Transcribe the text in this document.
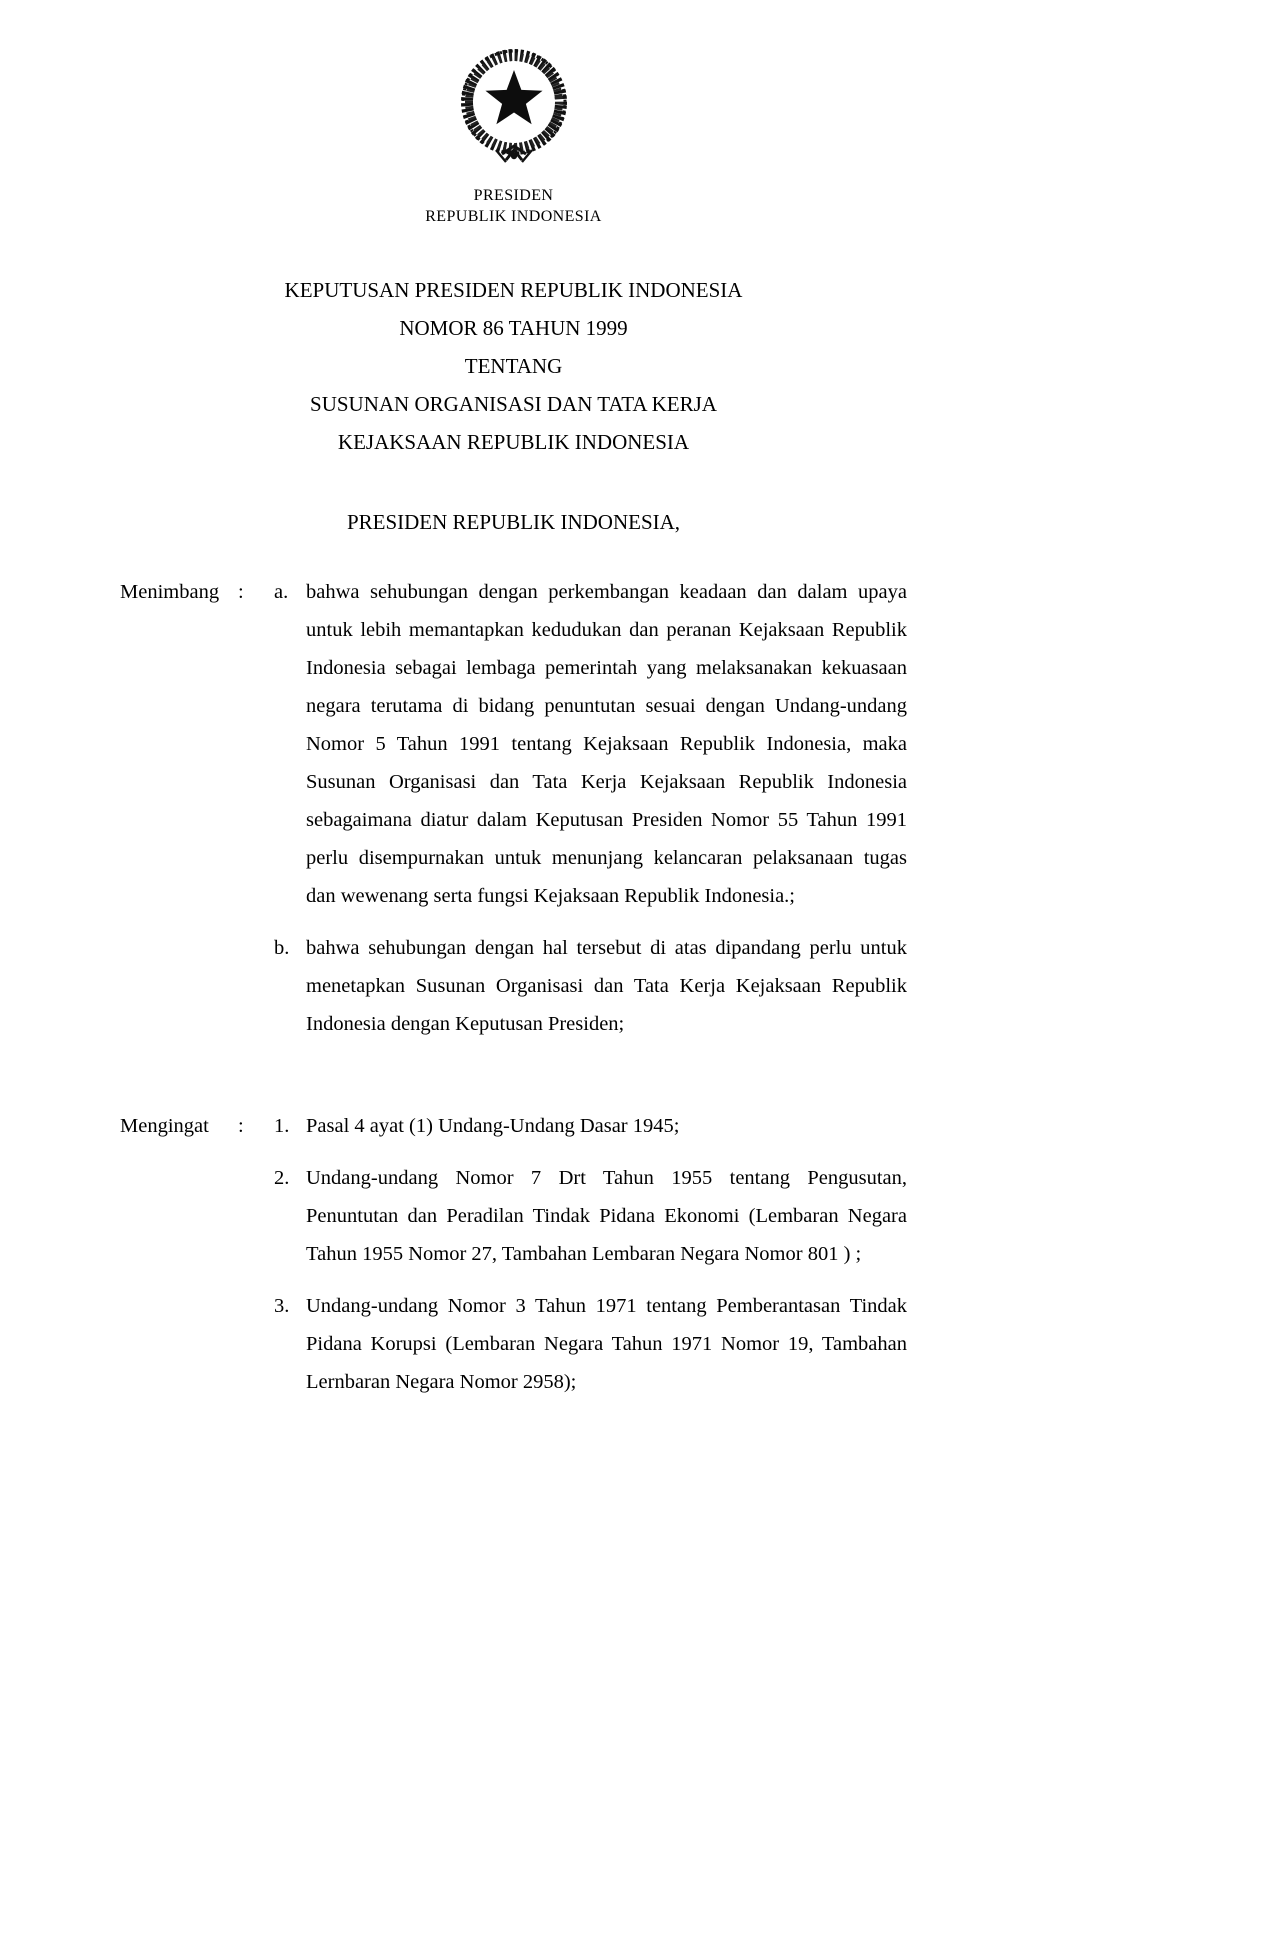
PRESIDEN
REPUBLIK INDONESIA
KEPUTUSAN PRESIDEN REPUBLIK INDONESIA
NOMOR 86 TAHUN 1999
TENTANG
SUSUNAN ORGANISASI DAN TATA KERJA
KEJAKSAAN REPUBLIK INDONESIA
PRESIDEN REPUBLIK INDONESIA,
Menimbang :	a. bahwa sehubungan dengan perkembangan keadaan dan dalam upaya untuk lebih memantapkan kedudukan dan peranan Kejaksaan Republik Indonesia sebagai lembaga pemerintah yang melaksanakan kekuasaan negara terutama di bidang penuntutan sesuai dengan Undang-undang Nomor 5 Tahun 1991 tentang Kejaksaan Republik Indonesia, maka Susunan Organisasi dan Tata Kerja Kejaksaan Republik Indonesia sebagaimana diatur dalam Keputusan Presiden Nomor 55 Tahun 1991 perlu disempurnakan untuk menunjang kelancaran pelaksanaan tugas dan wewenang serta fungsi Kejaksaan Republik Indonesia.;
b. bahwa sehubungan dengan hal tersebut di atas dipandang perlu untuk menetapkan Susunan Organisasi dan Tata Kerja Kejaksaan Republik Indonesia dengan Keputusan Presiden;
Mengingat	:	1. Pasal 4 ayat (1) Undang-Undang Dasar 1945;
2. Undang-undang Nomor 7 Drt Tahun 1955 tentang Pengusutan, Penuntutan dan Peradilan Tindak Pidana Ekonomi (Lembaran Negara Tahun 1955 Nomor 27, Tambahan Lembaran Negara Nomor 801 ) ;
3. Undang-undang Nomor 3 Tahun 1971 tentang Pemberantasan Tindak Pidana Korupsi (Lembaran Negara Tahun 1971 Nomor 19, Tambahan Lernbaran Negara Nomor 2958);
